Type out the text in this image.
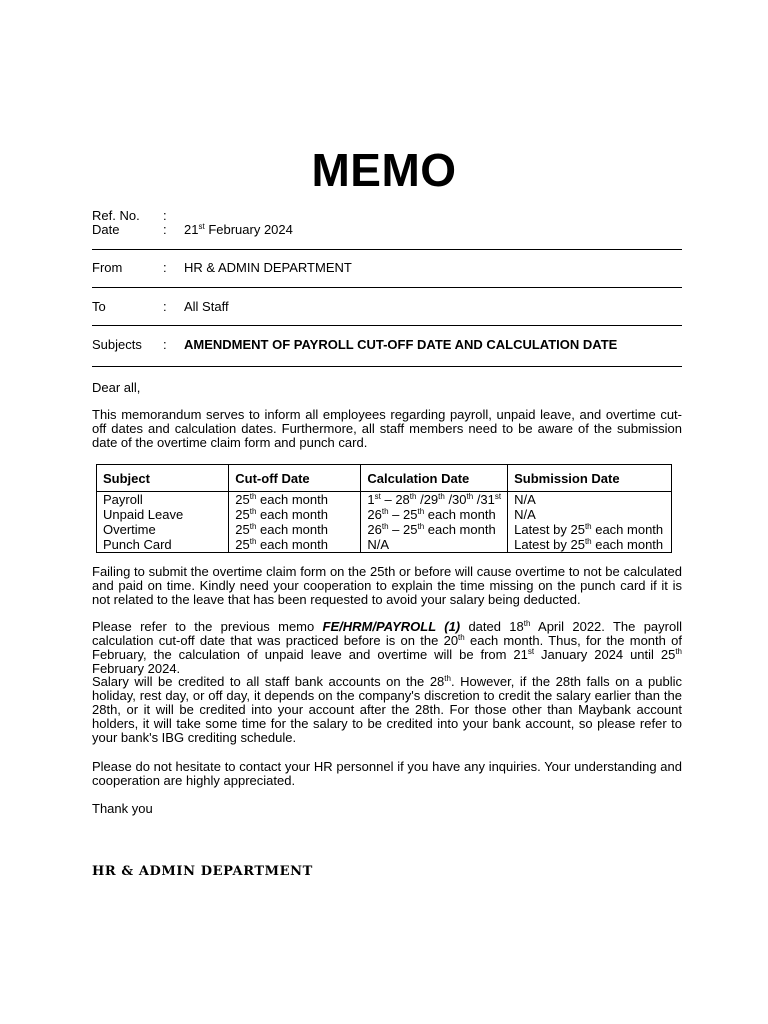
MEMO
Ref. No. :
Date	: 21st February 2024
From	: HR & ADMIN DEPARTMENT
To	: All Staff
Subjects : AMENDMENT OF PAYROLL CUT-OFF DATE AND CALCULATION DATE
Dear all,
This memorandum serves to inform all employees regarding payroll, unpaid leave, and overtime cut-off dates and calculation dates. Furthermore, all staff members need to be aware of the submission date of the overtime claim form and punch card.
Subject	Cut-off Date	Calculation Date	Submission Date
Payroll	25th each month	1st – 28th /29th /30th /31st	N/A
Unpaid Leave	25th each month	26th – 25th each month	N/A
Overtime	25th each month	26th – 25th each month	Latest by 25th each month
Punch Card	25th each month	N/A	Latest by 25th each month
Failing to submit the overtime claim form on the 25th or before will cause overtime to not be calculated and paid on time. Kindly need your cooperation to explain the time missing on the punch card if it is not related to the leave that has been requested to avoid your salary being deducted.
Please refer to the previous memo FE/HRM/PAYROLL (1) dated 18th April 2022. The payroll calculation cut-off date that was practiced before is on the 20th each month. Thus, for the month of February, the calculation of unpaid leave and overtime will be from 21st January 2024 until 25th February 2024.
Salary will be credited to all staff bank accounts on the 28th. However, if the 28th falls on a public holiday, rest day, or off day, it depends on the company's discretion to credit the salary earlier than the 28th, or it will be credited into your account after the 28th. For those other than Maybank account holders, it will take some time for the salary to be credited into your bank account, so please refer to your bank's IBG crediting schedule.
Please do not hesitate to contact your HR personnel if you have any inquiries. Your understanding and cooperation are highly appreciated.
Thank you
HR & ADMIN DEPARTMENT
